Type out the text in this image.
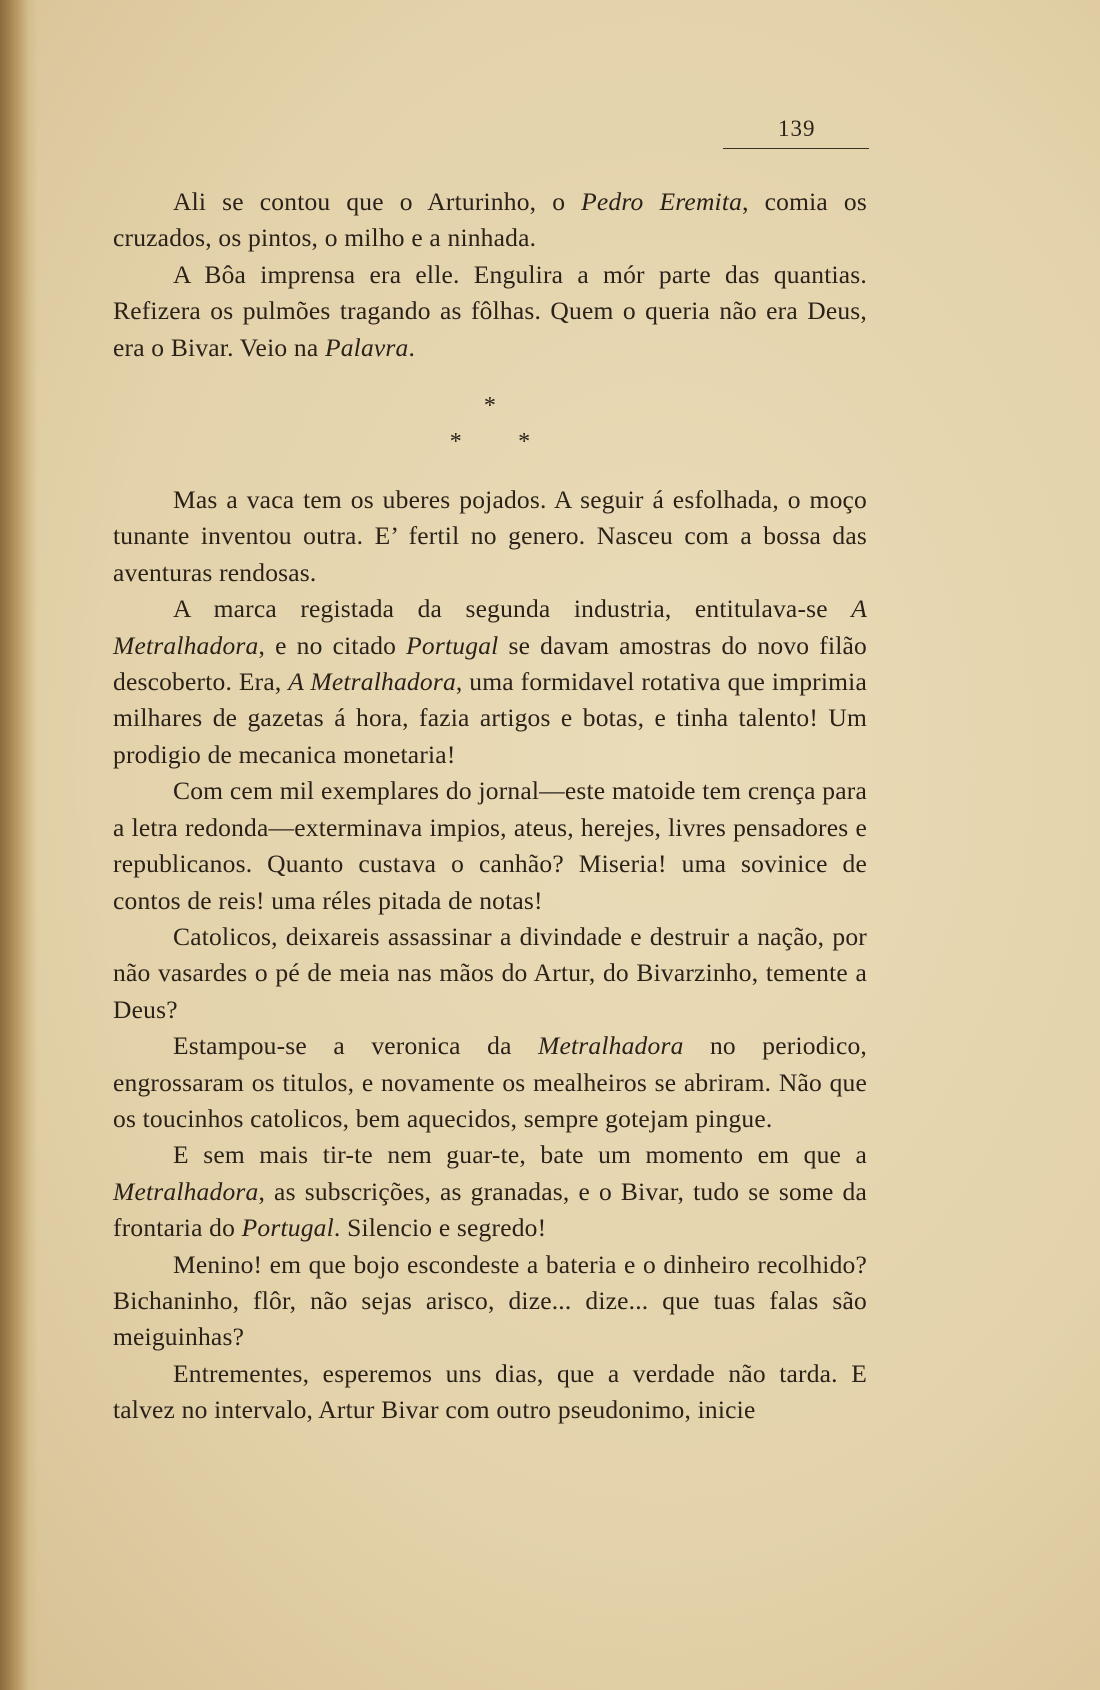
139

Ali se contou que o Arturinho, o Pedro Eremita, comia os cruzados, os pintos, o milho e a ninhada.

A Bôa imprensa era elle. Engulira a mór parte das quantias. Refizera os pulmões tragando as fôlhas. Quem o queria não era Deus, era o Bivar. Veio na Palavra.

*
* *

Mas a vaca tem os uberes pojados. A seguir á esfolhada, o moço tunante inventou outra. E’ fertil no genero. Nasceu com a bossa das aventuras rendosas.

A marca registada da segunda industria, entitulava-se A Metralhadora, e no citado Portugal se davam amostras do novo filão descoberto. Era, A Metralhadora, uma formidavel rotativa que imprimia milhares de gazetas á hora, fazia artigos e botas, e tinha talento! Um prodigio de mecanica monetaria!

Com cem mil exemplares do jornal—este matoide tem crença para a letra redonda—exterminava impios, ateus, herejes, livres pensadores e republicanos. Quanto custava o canhão? Miseria! uma sovinice de contos de reis! uma réles pitada de notas!

Catolicos, deixareis assassinar a divindade e destruir a nação, por não vasardes o pé de meia nas mãos do Artur, do Bivarzinho, temente a Deus?

Estampou-se a veronica da Metralhadora no periodico, engrossaram os titulos, e novamente os mealheiros se abriram. Não que os toucinhos catolicos, bem aquecidos, sempre gotejam pingue.

E sem mais tir-te nem guar-te, bate um momento em que a Metralhadora, as subscrições, as granadas, e o Bivar, tudo se some da frontaria do Portugal. Silencio e segredo!

Menino! em que bojo escondeste a bateria e o dinheiro recolhido? Bichaninho, flôr, não sejas arisco, dize... dize... que tuas falas são meiguinhas?

Entrementes, esperemos uns dias, que a verdade não tarda. E talvez no intervalo, Artur Bivar com outro pseudonimo, inicie
